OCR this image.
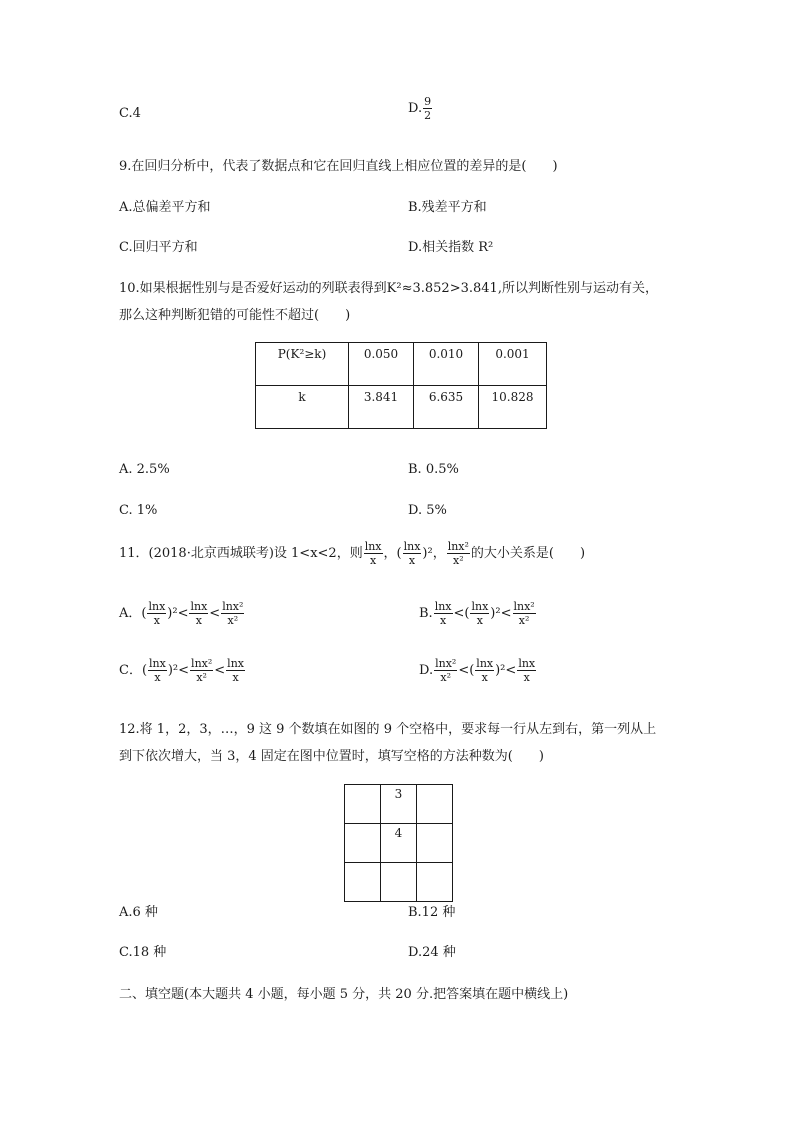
C.4	D. $\frac{9}{2}$
9.在回归分析中，代表了数据点和它在回归直线上相应位置的差异的是(　　)
A.总偏差平方和	B.残差平方和
C.回归平方和	D.相关指数 R²
10.如果根据性别与是否爱好运动的列联表得到K²≈3.852>3.841,所以判断性别与运动有关，
那么这种判断犯错的可能性不超过(　　)
P(K²≥k)	0.050	0.010	0.001
k	3.841	6.635	10.828
A. 2.5%	B. 0.5%
C. 1%	D. 5%
11．(2018·北京西城联考)设 1<x<2，则 $\frac{\ln x}{x}$ ，( $\frac{\ln x}{x} )^2$， $\frac{\text{lnx²}}{\text{x²}}$ 的大小关系是(　　)
A．( $\frac{\ln x}{x} )^2< \frac{\ln x}{x} < \frac{\text{lnx²}}{\text{x²}}$	B. $\frac{\ln x}{x}$ <( $\frac{\ln x}{x} )^2< \frac{\text{lnx²}}{\text{x²}}$
C．( $\frac{\ln x}{x} )^2< \frac{\text{lnx²}}{\text{x²}} < \frac{\ln x}{x}$	D. $\frac{\text{lnx²}}{\text{x²}}$ <( $\frac{\ln x}{x} )^2< \frac{\ln x}{x}$
12.将 1，2，3，…，9 这 9 个数填在如图的 9 个空格中，要求每一行从左到右，第一列从上
到下依次增大，当 3，4 固定在图中位置时，填写空格的方法种数为(　　)
	3	
	4	

A.6 种	B.12 种
C.18 种	D.24 种
二、填空题(本大题共 4 小题，每小题 5 分，共 20 分.把答案填在题中横线上)
